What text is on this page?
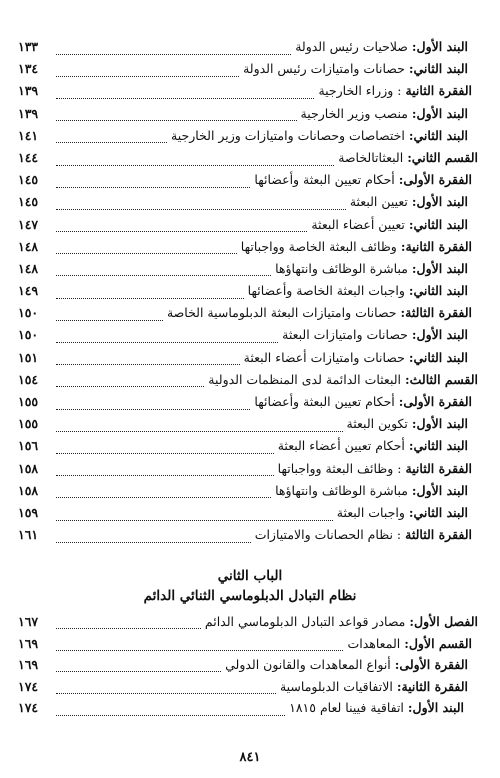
البند الأول:
صلاحيات رئيس الدولة
١٣٣
البند الثاني:
حصانات وامتيازات رئيس الدولة
١٣٤
الفقرة الثانية
: وزراء الخارجية
١٣٩
البند الأول:
منصب وزير الخارجية
١٣٩
البند الثاني:
اختصاصات وحصانات وامتيازات وزير الخارجية
١٤١
القسم الثاني:
البعثاتالخاصة
١٤٤
الفقرة الأولى:
أحكام تعيين البعثة وأعضائها
١٤٥
البند الأول:
تعيين البعثة
١٤٥
البند الثاني:
تعيين أعضاء البعثة
١٤٧
الفقرة الثانية:
وظائف البعثة الخاصة وواجباتها
١٤٨
البند الأول:
مباشرة الوظائف وانتهاؤها
١٤٨
البند الثاني:
واجبات البعثة الخاصة وأعضائها
١٤٩
الفقرة الثالثة:
حصانات وامتيازات البعثة الدبلوماسية الخاصة
١٥٠
البند الأول:
حصانات وامتيازات البعثة
١٥٠
البند الثاني:
حصانات وامتيازات أعضاء البعثة
١٥١
القسم الثالث:
البعثات الدائمة لدى المنظمات الدولية
١٥٤
الفقرة الأولى:
أحكام تعيين البعثة وأعضائها
١٥٥
البند الأول:
تكوين البعثة
١٥٥
البند الثاني:
أحكام تعيين أعضاء البعثة
١٥٦
الفقرة الثانية
: وظائف البعثة وواجباتها
١٥٨
البند الأول:
مباشرة الوظائف وانتهاؤها
١٥٨
البند الثاني:
واجبات البعثة
١٥٩
الفقرة الثالثة
: نظام الحصانات والامتيازات
١٦١
الباب الثاني
نظام التبادل الدبلوماسي الثنائي الدائم
الفصل الأول:
مصادر قواعد التبادل الدبلوماسي الدائم
١٦٧
القسم الأول:
المعاهدات
١٦٩
الفقرة الأولى:
أنواع المعاهدات والقانون الدولي
١٦٩
الفقرة الثانية:
الاتفاقيات الدبلوماسية
١٧٤
البند الأول:
اتفاقية فيينا لعام ١٨١٥
١٧٤
٨٤١
